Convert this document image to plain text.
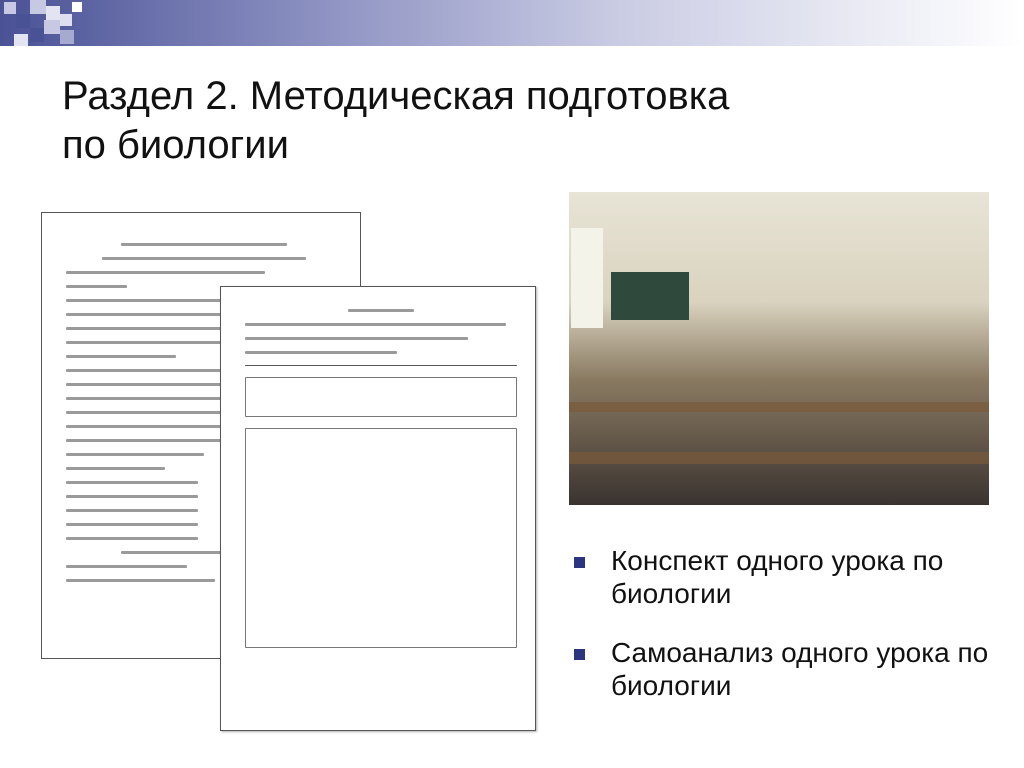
Раздел 2. Методическая подготовка
по биологии
Конспект одного урока по биологии
Самоанализ одного урока по биологии
